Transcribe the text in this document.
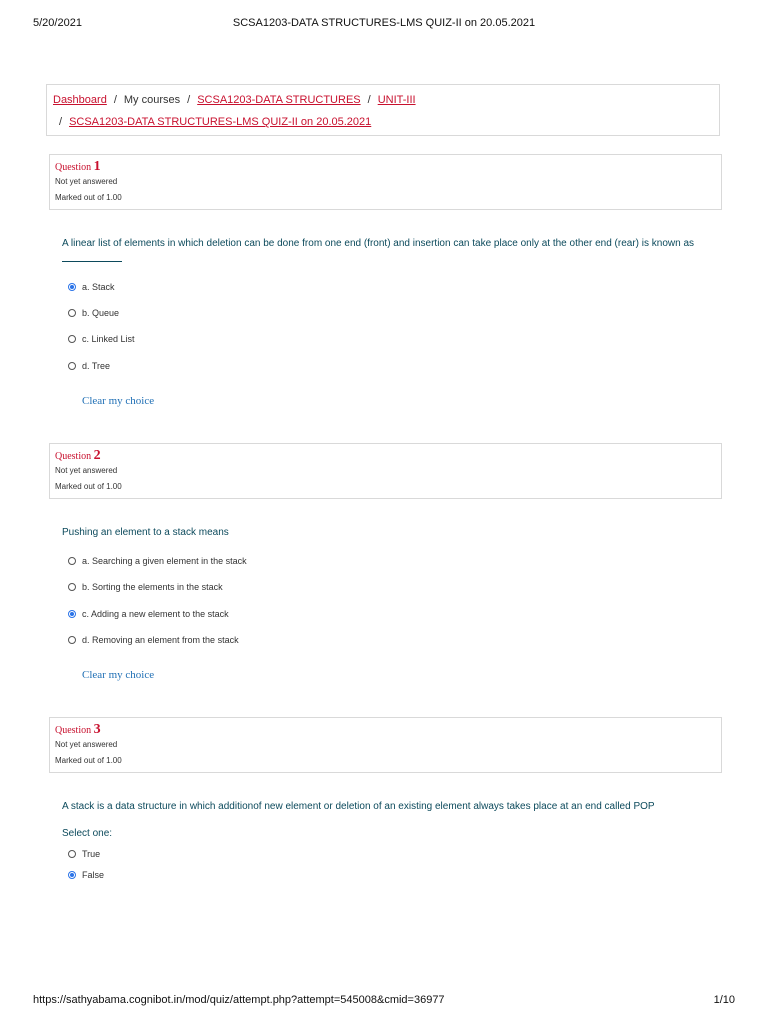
5/20/2021	SCSA1203-DATA STRUCTURES-LMS QUIZ-II on 20.05.2021
Dashboard / My courses / SCSA1203-DATA STRUCTURES / UNIT-III
/ SCSA1203-DATA STRUCTURES-LMS QUIZ-II on 20.05.2021
Question 1
Not yet answered
Marked out of 1.00
A linear list of elements in which deletion can be done from one end (front) and insertion can take place only at the other end (rear) is known as
a. Stack
b. Queue
c. Linked List
d. Tree
Clear my choice
Question 2
Not yet answered
Marked out of 1.00
Pushing an element to a stack means
a. Searching a given element in the stack
b. Sorting the elements in the stack
c. Adding a new element to the stack
d. Removing an element from the stack
Clear my choice
Question 3
Not yet answered
Marked out of 1.00
A stack is a data structure in which additionof new element or deletion of an existing element always takes place at an end called POP
Select one:
True
False
https://sathyabama.cognibot.in/mod/quiz/attempt.php?attempt=545008&cmid=36977	1/10
